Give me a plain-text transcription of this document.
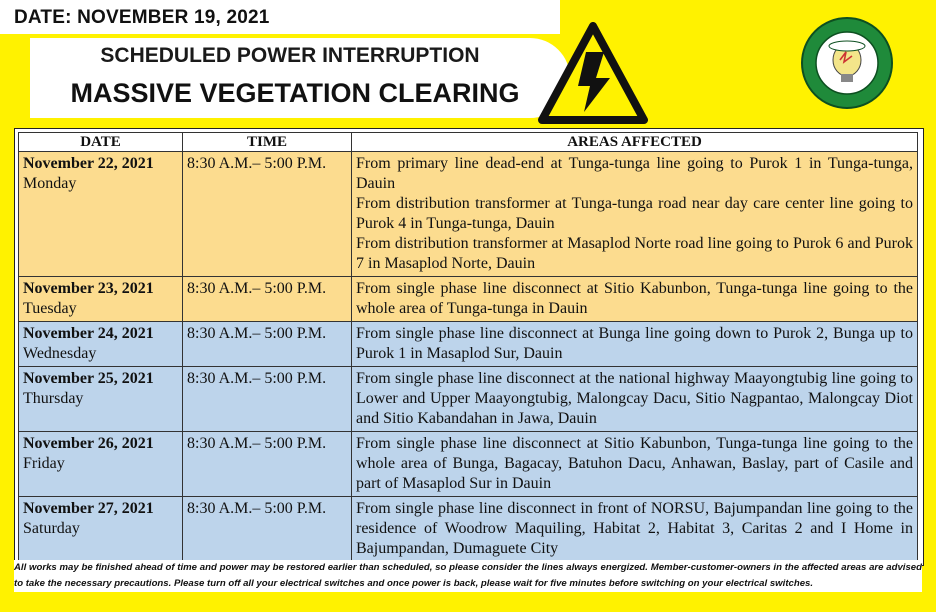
DATE: NOVEMBER 19, 2021
SCHEDULED POWER INTERRUPTION
MASSIVE VEGETATION CLEARING
DATE	TIME	AREAS AFFECTED

November 22, 2021
Monday	8:30 A.M.– 5:00 P.M.	From primary line dead-end at Tunga-tunga line going to Purok 1 in Tunga-tunga, Dauin
From distribution transformer at Tunga-tunga road near day care center line going to Purok 4 in Tunga-tunga, Dauin
From distribution transformer at Masaplod Norte road line going to Purok 6 and Purok 7 in Masaplod Norte, Dauin

November 23, 2021
Tuesday	8:30 A.M.– 5:00 P.M.	From single phase line disconnect at Sitio Kabunbon, Tunga-tunga line going to the whole area of Tunga-tunga in Dauin

November 24, 2021
Wednesday	8:30 A.M.– 5:00 P.M.	From single phase line disconnect at Bunga line going down to Purok 2, Bunga up to Purok 1 in Masaplod Sur, Dauin

November 25, 2021
Thursday	8:30 A.M.– 5:00 P.M.	From single phase line disconnect at the national highway Maayongtubig line going to Lower and Upper Maayongtubig, Malongcay Dacu, Sitio Nagpantao, Malongcay Diot and Sitio Kabandahan in Jawa, Dauin

November 26, 2021
Friday	8:30 A.M.– 5:00 P.M.	From single phase line disconnect at Sitio Kabunbon, Tunga-tunga line going to the whole area of Bunga, Bagacay, Batuhon Dacu, Anhawan, Baslay, part of Casile and part of Masaplod Sur in Dauin

November 27, 2021
Saturday	8:30 A.M.– 5:00 P.M.	From single phase line disconnect in front of NORSU, Bajumpandan line going to the residence of Woodrow Maquiling, Habitat 2, Habitat 3, Caritas 2 and I Home in Bajumpandan, Dumaguete City
All works may be finished ahead of time and power may be restored earlier than scheduled, so please consider the lines always energized. Member-customer-owners in the affected areas are advised to take the necessary precautions. Please turn off all your electrical switches and once power is back, please wait for five minutes before switching on your electrical switches.
